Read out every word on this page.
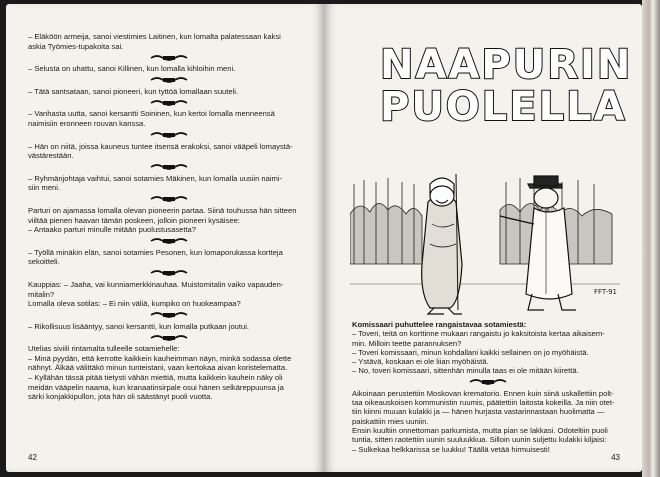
– Eläköön armeija, sanoi viestimies Laitinen, kun lomalta palatessaan kaksi

askia Työmies-tupakoita sai.

– Selusta on uhattu, sanoi Killinen, kun lomalla kihloihin meni.

– Tätä santsataan, sanoi pioneeri, kun tyttöä lomallaan suuteli.

– Vanhasta uutta, sanoi kersantti Soininen, kun kertoi lomalla menneensä

naimisiin eronneen rouvan kanssa.

– Hän on niitä, joissa kauneus tuntee itsensä erakoksi, sanoi vääpeli lomaystä-

västärestään.

– Ryhmänjohtaja vaihtui, sanoi sotamies Mäkinen, kun lomalla uusiin naimi-

siin meni.

Parturi on ajamassa lomalla olevan pioneerin partaa. Siinä touhussa hän sitteen

viiltää pienen haavan tämän poskeen, jolloin pioneeri kysäisee:

– Antaako parturi minulle mitään puolustusasetta?

– Työllä minäkin elän, sanoi sotamies Pesonen, kun lomaporukassa kortteja

sekoitteli.

Kauppias: – Jaaha, vai kunniamerkkinauhaa. Muistomitalin vaiko vapauden-

mitalin?

Lomalla oleva sotilas: – Ei niin väliä, kumpiko on huokeampaa?

– Rikollisuus lisääntyy, sanoi kersantti, kun lomalla putkaan joutui.

Utelias siviili rintamalta tulleelle sotamiehelle:

– Minä pyydän, että kerrotte kaikkein kauheimman näyn, minkä sodassa olette

nähnyt. Älkää välittäkö minun tunteistani, vaan kertokaa aivan koristelematta.

– Kyllähän tässä pitää tietysti vähän miettiä, mutta kaikkein kauhein näky oli

meidän vääpelin naama, kun kranaatinsirpale osui hänen selkäreppuunsa ja

särki konjakkipullon, jota hän oli säästänyt puoli vuotta.

42
NAAPURIN
PUOLELLA
FFT-91

Komissaari puhuttelee rangaistavaa sotamiestä:

– Toveri, teitä on korttinne mukaan rangaistu jo kaksitoista kertaa aikaisem-

min. Milloin teette parannuksen?

– Toveri komissaari, minun kohdallani kaikki sellainen on jo myöhäistä.

– Ystävä, koskaan ei ole liian myöhäistä.

– No, toveri komissaari, sittenhän minulla taas ei ole mitään kiirettä.

Aikoinaan perustettiin Moskovan krematorio. Ennen kuin siinä uskallettiin polt-

taa oikeauskoisen kommunistin ruumis, päätettiin laitosta kokeilla. Ja niin otet-

tiin kiinni muuan kulakki ja — hänen hurjasta vastarinnastaan huolimatta —

paiskattiin mies uuniin.

Ensin kuultiin onnettoman parkumista, mutta pian se lakkasi. Odoteltiin puoli

tuntia, sitten raotettiin uunin suuluukkua. Silloin uunin suljettu kulakki kiljaisi:

– Sulkekaa helkkarissa se luukku! Täällä vetää hirmuisesti!

43
